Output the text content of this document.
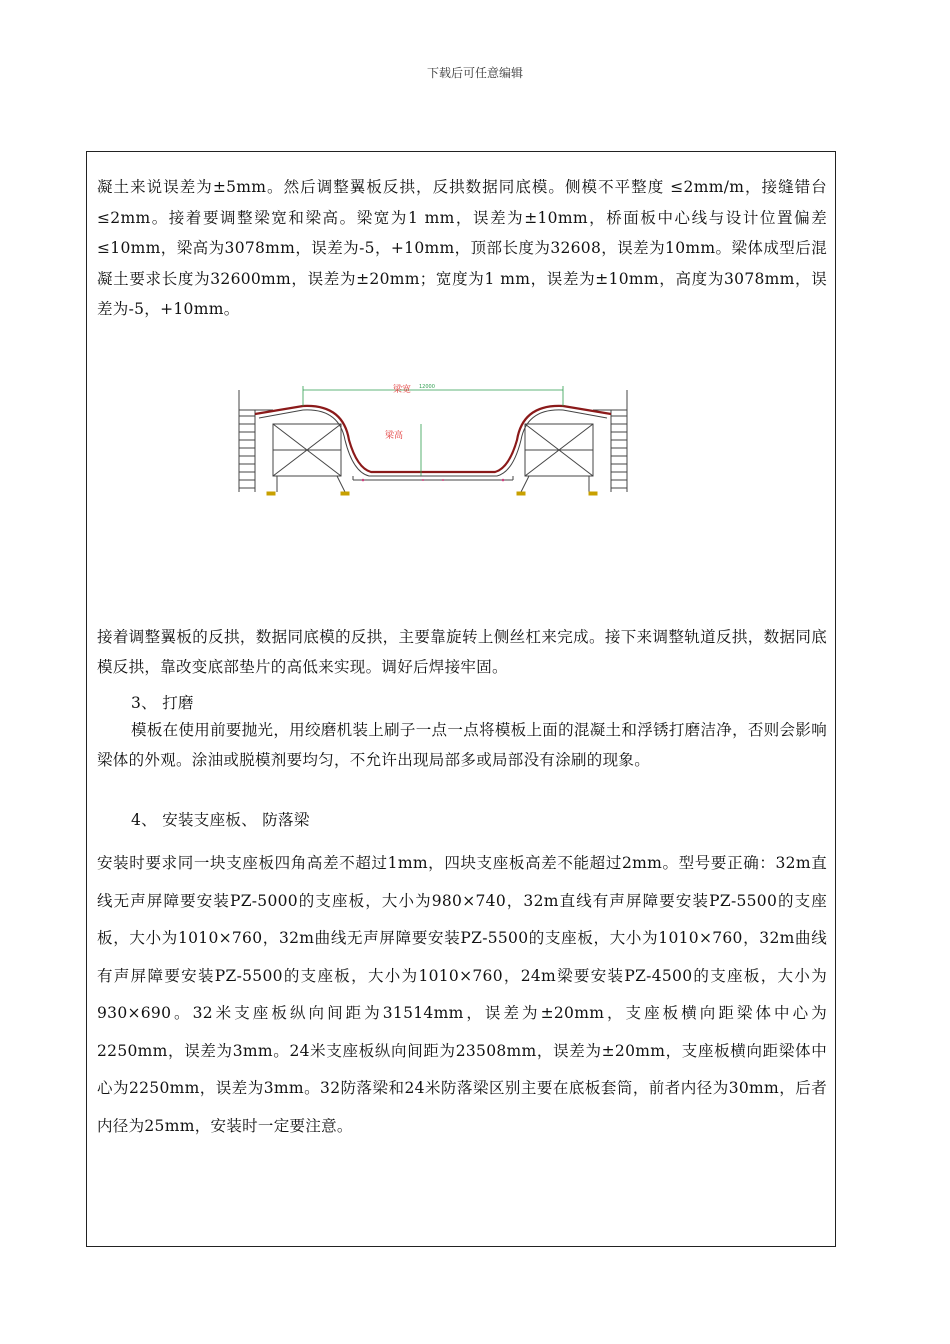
下载后可任意编辑

凝土来说误差为±5mm。然后调整翼板反拱，反拱数据同底模。侧模不平整度 ≤2mm/m，接缝错台≤2mm。接着要调整梁宽和梁高。梁宽为1 mm，误差为±10mm，桥面板中心线与设计位置偏差≤10mm，梁高为3078mm，误差为-5，+10mm，顶部长度为32608，误差为10mm。梁体成型后混凝土要求长度为32600mm，误差为±20mm；宽度为1 mm，误差为±10mm，高度为3078mm，误差为-5，+10mm。

梁宽 12000
梁高

接着调整翼板的反拱，数据同底模的反拱，主要靠旋转上侧丝杠来完成。接下来调整轨道反拱，数据同底模反拱，靠改变底部垫片的高低来实现。调好后焊接牢固。

3、 打磨

模板在使用前要抛光，用绞磨机装上刷子一点一点将模板上面的混凝土和浮锈打磨洁净，否则会影响梁体的外观。涂油或脱模剂要均匀，不允许出现局部多或局部没有涂刷的现象。

4、 安装支座板、 防落梁

安装时要求同一块支座板四角高差不超过1mm，四块支座板高差不能超过2mm。型号要正确：32m直线无声屏障要安装PZ-5000的支座板，大小为980×740，32m直线有声屏障要安装PZ-5500的支座板，大小为1010×760，32m曲线无声屏障要安装PZ-5500的支座板，大小为1010×760，32m曲线有声屏障要安装PZ-5500的支座板，大小为1010×760，24m梁要安装PZ-4500的支座板，大小为930×690。32米支座板纵向间距为31514mm，误差为±20mm，支座板横向距梁体中心为2250mm，误差为3mm。24米支座板纵向间距为23508mm，误差为±20mm，支座板横向距梁体中心为2250mm，误差为3mm。32防落梁和24米防落梁区别主要在底板套筒，前者内径为30mm，后者内径为25mm，安装时一定要注意。
